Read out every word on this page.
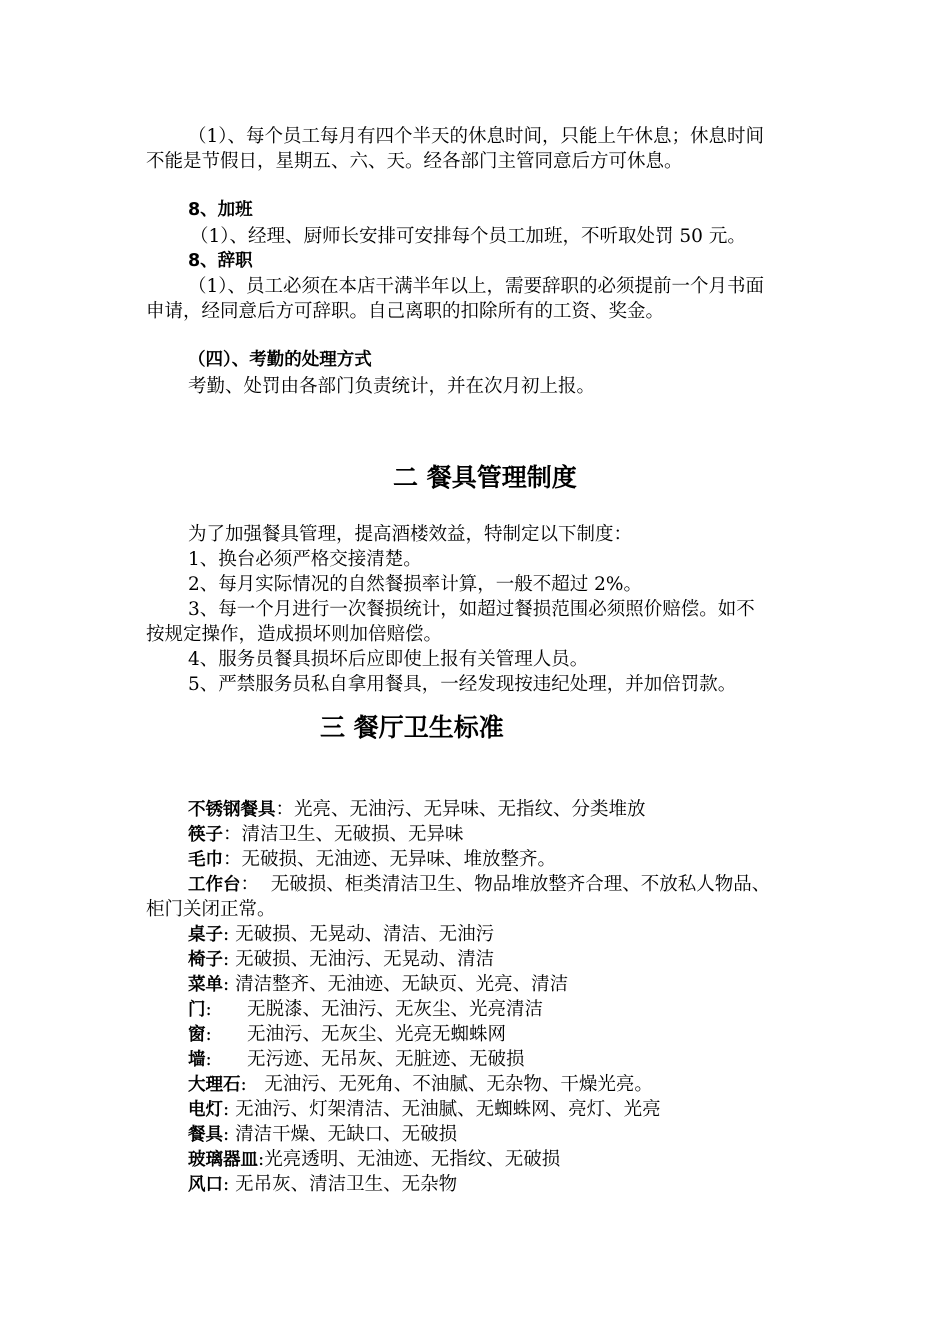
（1）、每个员工每月有四个半天的休息时间，只能上午休息；休息时间
不能是节假日，星期五、六、天。经各部门主管同意后方可休息。
8、加班
（1）、经理、厨师长安排可安排每个员工加班，不听取处罚 50 元。
8、辞职
（1）、员工必须在本店干满半年以上，需要辞职的必须提前一个月书面
申请，经同意后方可辞职。自己离职的扣除所有的工资、奖金。
（四）、考勤的处理方式
考勤、处罚由各部门负责统计，并在次月初上报。
二 餐具管理制度
为了加强餐具管理，提高酒楼效益，特制定以下制度：
1、换台必须严格交接清楚。
2、每月实际情况的自然餐损率计算，一般不超过 2%。
3、每一个月进行一次餐损统计，如超过餐损范围必须照价赔偿。如不
按规定操作，造成损坏则加倍赔偿。
4、服务员餐具损坏后应即使上报有关管理人员。
5、严禁服务员私自拿用餐具，一经发现按违纪处理，并加倍罚款。
三 餐厅卫生标准
不锈钢餐具：光亮、无油污、无异味、无指纹、分类堆放
筷子：清洁卫生、无破损、无异味
毛巾：无破损、无油迹、无异味、堆放整齐。
工作台：  无破损、柜类清洁卫生、物品堆放整齐合理、不放私人物品、
柜门关闭正常。
桌子: 无破损、无晃动、清洁、无油污
椅子: 无破损、无油污、无晃动、清洁
菜单: 清洁整齐、无油迹、无缺页、光亮、清洁
门:      无脱漆、无油污、无灰尘、光亮清洁
窗:      无油污、无灰尘、光亮无蜘蛛网
墙:      无污迹、无吊灰、无脏迹、无破损
大理石:   无油污、无死角、不油腻、无杂物、干燥光亮。
电灯: 无油污、灯架清洁、无油腻、无蜘蛛网、亮灯、光亮
餐具: 清洁干燥、无缺口、无破损
玻璃器皿:光亮透明、无油迹、无指纹、无破损
风口: 无吊灰、清洁卫生、无杂物
